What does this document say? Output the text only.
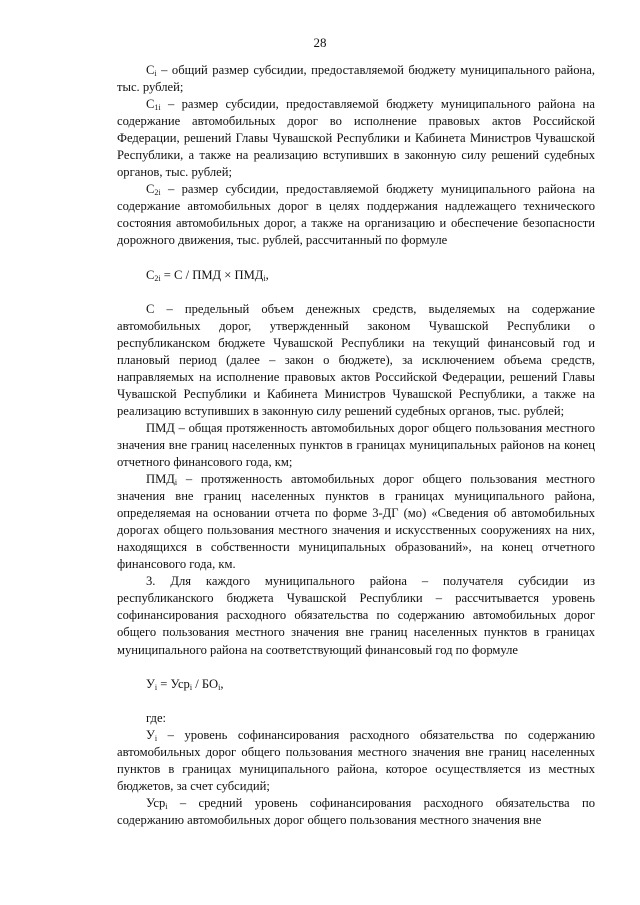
28

$C_i$ – общий размер субсидии, предоставляемой бюджету муниципального района, тыс. рублей;

$C_{1i}$ – размер субсидии, предоставляемой бюджету муниципального района на содержание автомобильных дорог во исполнение правовых актов Российской Федерации, решений Главы Чувашской Республики и Кабинета Министров Чувашской Республики, а также на реализацию вступивших в законную силу решений судебных органов, тыс. рублей;

$C_{2i}$ – размер субсидии, предоставляемой бюджету муниципального района на содержание автомобильных дорог в целях поддержания надлежащего технического состояния автомобильных дорог, а также на организацию и обеспечение безопасности дорожного движения, тыс. рублей, рассчитанный по формуле

$C_{2i} = C$ / ПМД × $ПМД_i$,

С – предельный объем денежных средств, выделяемых на содержание автомобильных дорог, утвержденный законом Чувашской Республики о республиканском бюджете Чувашской Республики на текущий финансовый год и плановый период (далее – закон о бюджете), за исключением объема средств, направляемых на исполнение правовых актов Российской Федерации, решений Главы Чувашской Республики и Кабинета Министров Чувашской Республики, а также на реализацию вступивших в законную силу решений судебных органов, тыс. рублей;

ПМД – общая протяженность автомобильных дорог общего пользования местного значения вне границ населенных пунктов в границах муниципальных районов на конец отчетного финансового года, км;

$ПМД_i$ – протяженность автомобильных дорог общего пользования местного значения вне границ населенных пунктов в границах муниципального района, определяемая на основании отчета по форме 3-ДГ (мо) «Сведения об автомобильных дорогах общего пользования местного значения и искусственных сооружениях на них, находящихся в собственности муниципальных образований», на конец отчетного финансового года, км.

3. Для каждого муниципального района – получателя субсидии из республиканского бюджета Чувашской Республики – рассчитывается уровень софинансирования расходного обязательства по содержанию автомобильных дорог общего пользования местного значения вне границ населенных пунктов в границах муниципального района на соответствующий финансовый год по формуле

$У_i = Уср_i / БО_i$,

где:

$У_i$ – уровень софинансирования расходного обязательства по содержанию автомобильных дорог общего пользования местного значения вне границ населенных пунктов в границах муниципального района, которое осуществляется из местных бюджетов, за счет субсидий;

Уср$_i$ – средний уровень софинансирования расходного обязательства по содержанию автомобильных дорог общего пользования местного значения вне
